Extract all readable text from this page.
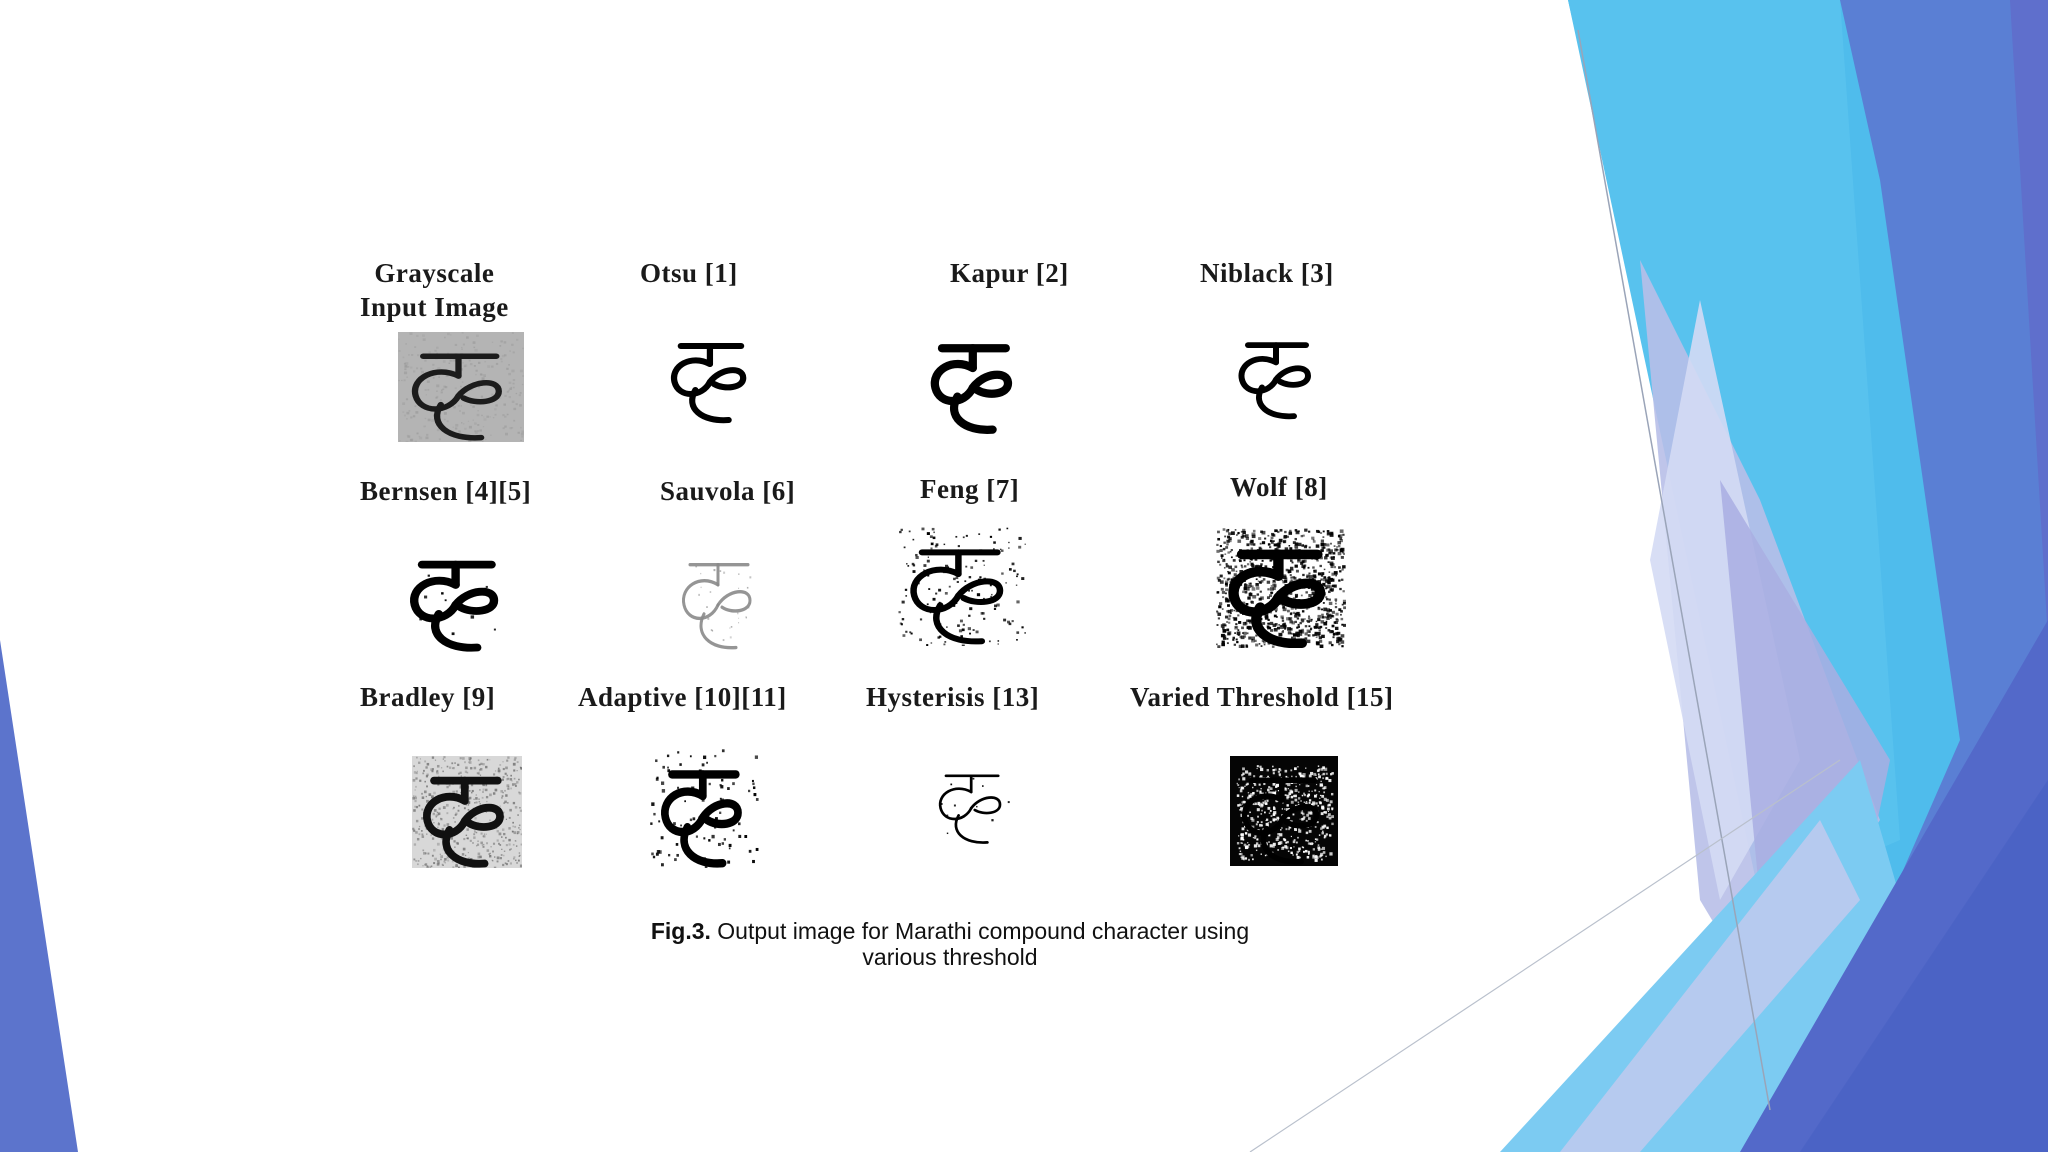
Grayscale
Input Image
Otsu [1]	Kapur [2]	Niblack [3]
Bernsen [4][5]	Sauvola [6]	Feng [7]	Wolf [8]
Bradley [9]	Adaptive [10][11]	Hysterisis [13]	Varied Threshold [15]
Fig.3. Output image for Marathi compound character using
various threshold
